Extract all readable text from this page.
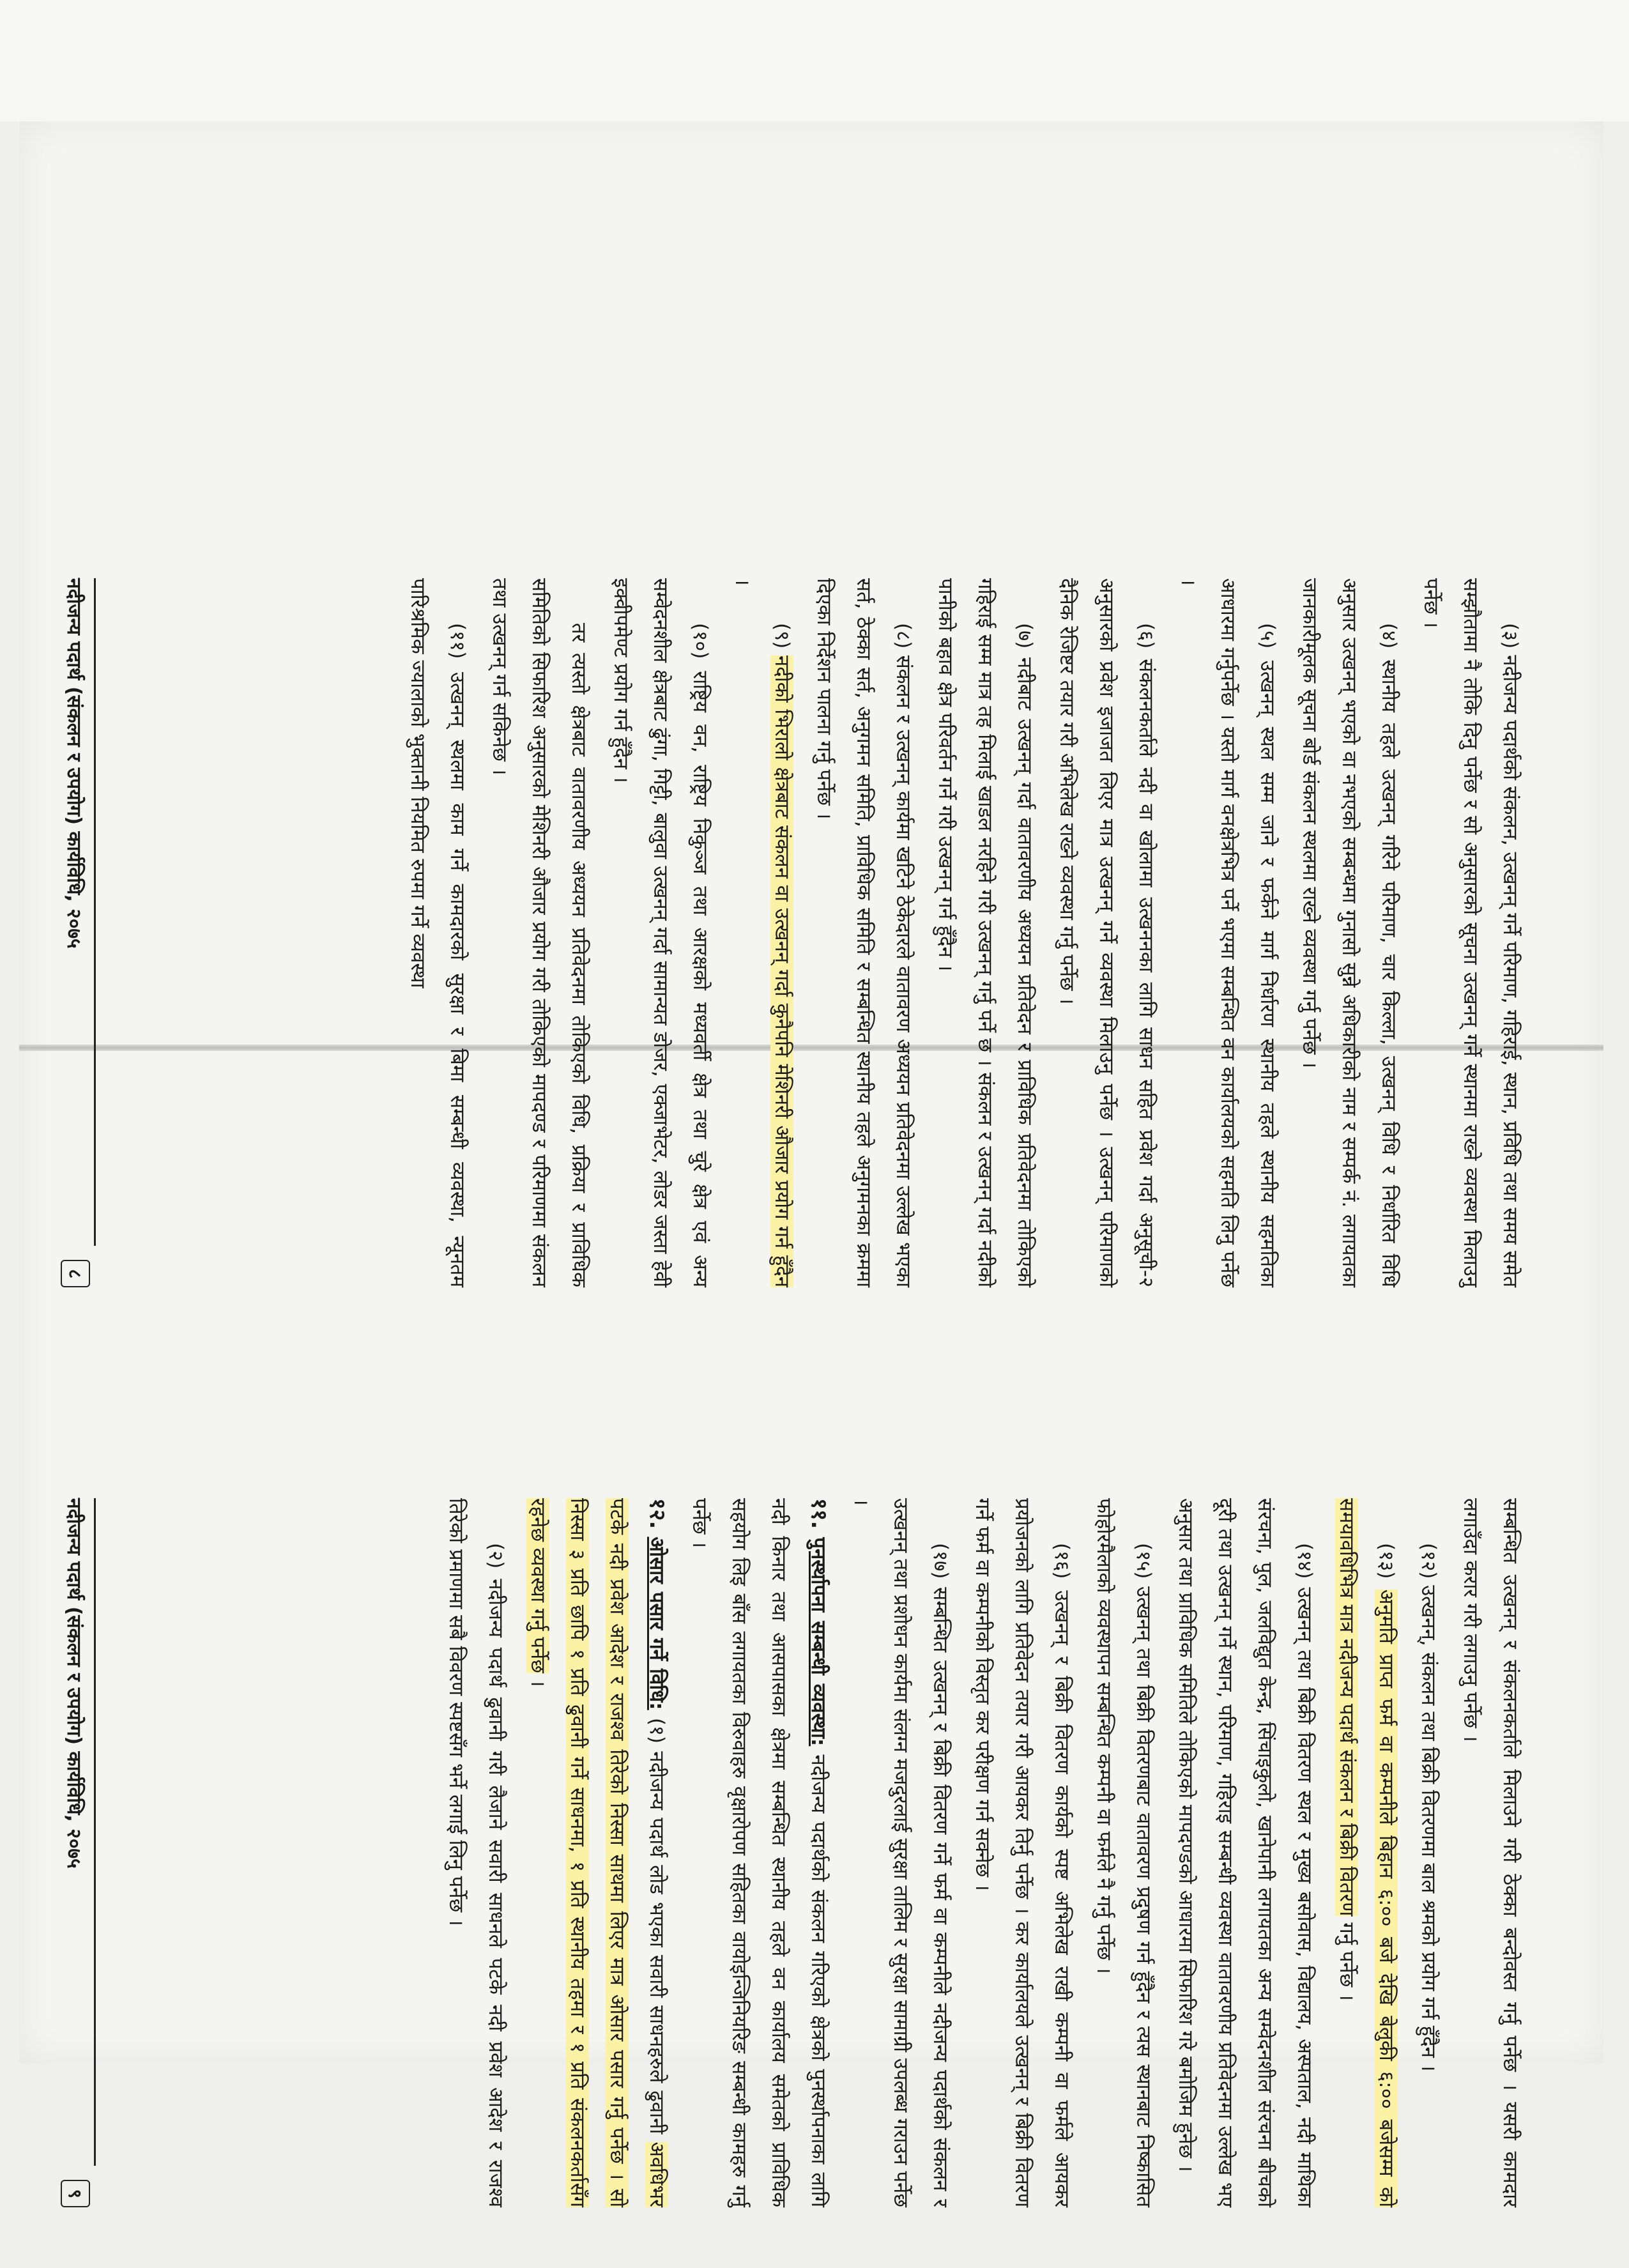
(३) नदीजन्य पदार्थको संकलन, उत्खनन् गर्ने परिमाण, गहिराई, स्थान, प्रविधि तथा समय समेत सम्झौतामा नै तोकि दिनु पर्नेछ र सो अनुसारको सूचना उत्खनन् गर्ने स्थानमा राख्ने व्यवस्था मिलाउनु पर्नेछ ।

(४) स्थानीय तहले उत्खनन् गरिने परिमाण, चार किल्ला, उत्खनन् विधि र निर्धारित विधि अनुसार उत्खनन् भएको वा नभएको सम्बन्धमा गुनासो सुन्ने अधिकारीको नाम र सम्पर्क नं. लगायतका जानकारीमूलक सूचना बोर्ड संकलन स्थलमा राख्ने व्यवस्था गर्नु पर्नेछ ।

(५) उत्खनन् स्थल सम्म जाने र फर्कने मार्ग निर्धारण स्थानीय तहले स्थानीय सहमतिका आधारमा गर्नुपर्नेछ । यस्तो मार्ग वनक्षेत्रभित्र पर्ने भएमा सम्बन्धित वन कार्यालयको सहमति लिनु पर्नेछ ।

(६) संकलनकर्ताले नदी वा खोलामा उत्खननका लागि साधन सहित प्रवेश गर्दा अनुसूची-२ अनुसारको प्रवेश इजाजत लिएर मात्र उत्खनन् गर्ने व्यवस्था मिलाउनु पर्नेछ । उत्खनन् परिमाणको दैनिक रेजिष्टर तयार गरी अभिलेख राख्ने व्यवस्था गर्नु पर्नेछ ।

(७) नदीबाट उत्खनन् गर्दा वातावरणीय अध्ययन प्रतिवेदन र प्राविधिक प्रतिवेदनमा तोकिएको गहिराई सम्म मात्र तह मिलाई खाडल नरहिने गरी उत्खनन् गर्नु पर्ने छ । संकलन र उत्खनन् गर्दा नदीको पानीको बहाव क्षेत्र परिवर्तन गर्ने गरी उत्खनन् गर्न हुँदैन ।

(८) संकलन र उत्खनन् कार्यमा खटिने ठेकेदारले वातावरण अध्ययन प्रतिवेदनमा उल्लेख भएका सर्त, ठेक्का सर्त, अनुगमन समिति, प्राविधिक समिति र सम्बन्धित स्थानीय तहले अनुगमनका क्रममा दिएका निर्देशन पालना गर्नु पर्नेछ ।

(९) नदीको भिरालो क्षेत्रबाट संकलन वा उत्खनन् गर्दा कुनैपनि मेशिनरी औजार प्रयोग गर्न हुँदैन ।

(१०) राष्ट्रिय वन, राष्ट्रिय निकुञ्ज तथा आरक्षको मध्यवर्ती क्षेत्र तथा चुरे क्षेत्र एवं अन्य सम्वेदनशील क्षेत्रबाट ढुंगा, गिट्टी, बालुवा उत्खनन् गर्दा सामान्यत डोजर, एक्जाभेटर, लोडर जस्ता हेवी इक्वीपमेण्ट प्रयोग गर्न हुँदैन ।

तर त्यस्तो क्षेत्रबाट वातावरणीय अध्ययन प्रतिवेदनमा तोकिएको विधि, प्रक्रिया र प्राविधिक समितिको सिफारिश अनुसारको मेशिनरी औजार प्रयोग गरी तोकिएको मापदण्ड र परिमाणमा संकलन तथा उत्खनन् गर्न सकिनेछ ।

(११) उत्खनन् स्थलमा काम गर्ने कामदारको सुरक्षा र बिमा सम्बन्धी व्यवस्था, न्यूनतम पारिश्रमिक ज्यालाको भुक्तानी नियमित रुपमा गर्ने व्यवस्था

नदीजन्य पदार्थ (संकलन र उपयोग) कार्यविधि, २०७५
८

सम्बन्धित उत्खनन् र संकलनकर्ताले मिलाउने गरी ठेक्का बन्दोवस्त गर्नु पर्नेछ । यसरी कामदार लगाउँदा करार गरी लगाउनु पर्नेछ ।

(१२) उत्खनन्, संकलन तथा बिक्री वितरणमा बाल श्रमको प्रयोग गर्न हुँदैन ।

(१३) अनुमति प्राप्त फर्म वा कम्पनीले बिहान ६:०० बजे देखि बेलुकी ६:०० बजेसम्म को समयावधिभित्र मात्र नदीजन्य पदार्थ संकलन र बिक्री वितरण गर्नु पर्नेछ ।

(१४) उत्खनन् तथा बिक्री वितरण स्थल र मुख्य बसोवास, विद्यालय, अस्पताल, नदी माथिका संरचना, पुल, जलविद्युत केन्द्र, सिंचाइकुलो, खानेपानी लगायतका अन्य सम्वेदनशील संरचना बीचको दूरी तथा उत्खनन् गर्ने स्थान, परिमाण, गहिराइ सम्बन्धी व्यवस्था वातावरणीय प्रतिवेदनमा उल्लेख भए अनुसार तथा प्राविधिक समितिले तोकिएको मापदण्डको आधारमा सिफारिश गरे बमोजिम हुनेछ ।

(१५) उत्खनन् तथा बिक्री वितरणबाट वातावरण प्रदुषण गर्न हुँदैन र त्यस स्थानबाट निष्कासित फोहोरमैलाको व्यवस्थापन सम्बन्धित कम्पनी वा फर्मले नै गर्नु पर्नेछ ।

(१६) उत्खनन् र बिक्री वितरण कार्यको स्पष्ट अभिलेख राखी कम्पनी वा फर्मले आयकर प्रयोजनको लागि प्रतिवेदन तयार गरी आयकर तिर्नु पर्नेछ । कर कार्यालयले उत्खनन् र बिक्री वितरण गर्ने फर्म वा कम्पनीको विस्तृत कर परीक्षण गर्न सक्नेछ ।

(१७) सम्बन्धित उत्खनन् र बिक्री वितरण गर्ने फर्म वा कम्पनीले नदीजन्य पदार्थको संकलन र उत्खनन् तथा प्रशोधन कार्यमा संलग्न मजदुरलाई सुरक्षा तालिम र सुरक्षा सामाग्री उपलब्ध गराउन पर्नेछ ।

११. पुनर्स्थापना सम्बन्धी व्यवस्था: नदीजन्य पदार्थको संकलन गरिएको क्षेत्रको पुनर्स्थापनाका लागि नदी किनार तथा आसपासका क्षेत्रमा सम्बन्धित स्थानीय तहले वन कार्यालय समेतको प्राविधिक सहयोग लिइ बाँस लगायतका विरुवाहरु वृक्षारोपण सहितका वायोइन्जिनियरिङ सम्बन्धी कामहरु गर्नु पर्नेछ ।

१२. ओसार पसार गर्ने विधि: (१) नदीजन्य पदार्थ लोड भएका सवारी साधनहरुले ढुवानी अवधिभर पटके नदी प्रवेश आदेश र राजश्व तिरेको निस्सा साथमा लिएर मात्र ओसार पसार गर्नु पर्नेछ । सो निस्सा ३ प्रति छापि १ प्रति ढुवानी गर्ने साधनमा, १ प्रति स्थानीय तहमा र १ प्रति संकलनकर्तासँग रहनेछ व्यवस्था गर्नु पर्नेछ ।

(२) नदीजन्य पदार्थ ढुवानी गरी लैजाने सवारी साधनले पटके नदी प्रवेश आदेश र राजश्व तिरेको प्रमाणमा सबै विवरण स्पष्टसँग भर्ने लगाई लिनु पर्नेछ ।

नदीजन्य पदार्थ (संकलन र उपयोग) कार्यविधि, २०७५
९
